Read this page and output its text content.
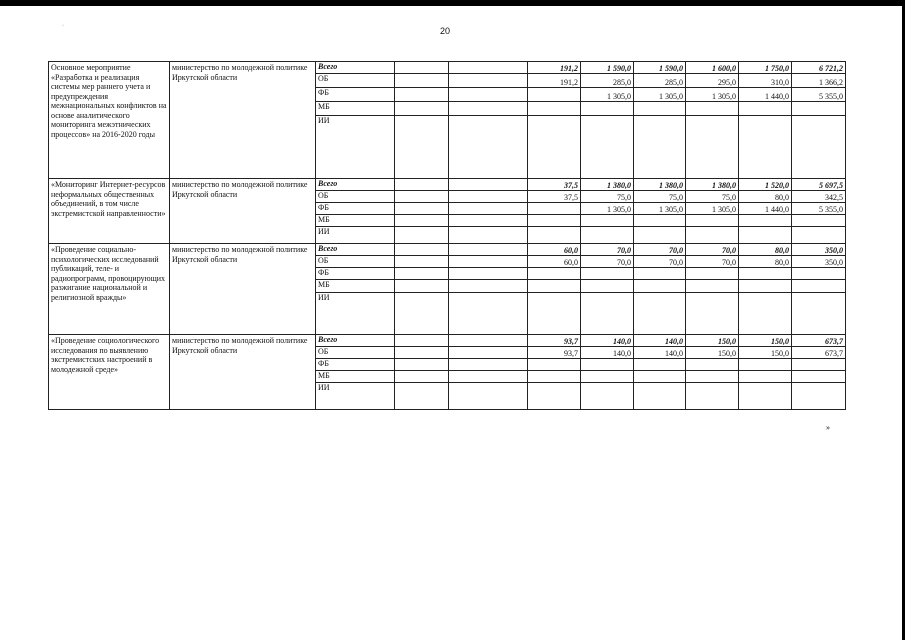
·	20
Основное мероприятие «Разработка и реализация системы мер раннего учета и предупреждения межнациональных конфликтов на основе аналитического мониторинга межэтнических процессов» на 2016-2020 годы	министерство по молодежной политике Иркутской области	Всего			191,2	1 590,0	1 590,0	1 600,0	1 750,0	6 721,2
		ОБ			191,2	285,0	285,0	295,0	310,0	1 366,2
		ФБ				1 305,0	1 305,0	1 305,0	1 440,0	5 355,0
		МБ								
		ИИ								
«Мониторинг Интернет-ресурсов неформальных общественных объединений, в том числе экстремистской направленности»	министерство по молодежной политике Иркутской области	Всего			37,5	1 380,0	1 380,0	1 380,0	1 520,0	5 697,5
		ОБ			37,5	75,0	75,0	75,0	80,0	342,5
		ФБ				1 305,0	1 305,0	1 305,0	1 440,0	5 355,0
		МБ								
		ИИ								
«Проведение социально-психологических исследований публикаций, теле- и радиопрограмм, провоцирующих разжигание национальной и религиозной вражды»	министерство по молодежной политике Иркутской области	Всего			60,0	70,0	70,0	70,0	80,0	350,0
		ОБ			60,0	70,0	70,0	70,0	80,0	350,0
		ФБ								
		МБ								
		ИИ								
«Проведение социологического исследования по выявлению экстремистских настроений в молодежной среде»	министерство по молодежной политике Иркутской области	Всего			93,7	140,0	140,0	150,0	150,0	673,7
		ОБ			93,7	140,0	140,0	150,0	150,0	673,7
		ФБ								
		МБ								
		ИИ								
»
